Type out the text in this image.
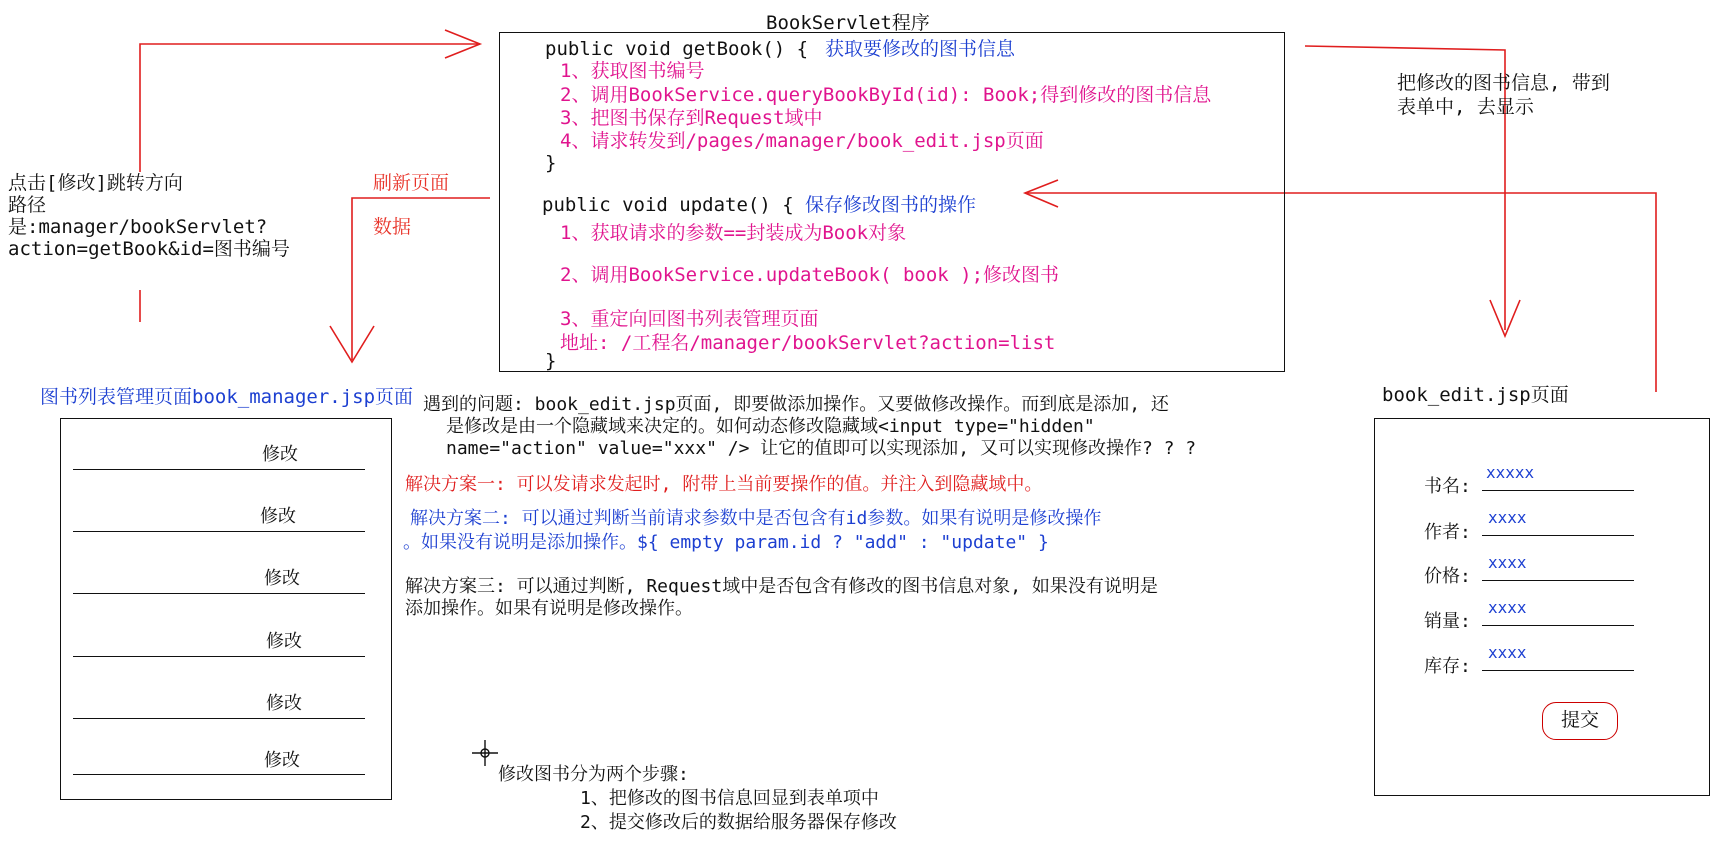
BookServlet程序
public void getBook() { 获取要修改的图书信息
1、获取图书编号
2、调用BookService.queryBookById(id): Book;得到修改的图书信息
3、把图书保存到Request域中
4、请求转发到/pages/manager/book_edit.jsp页面
}
public void update() { 保存修改图书的操作
1、获取请求的参数==封装成为Book对象
2、调用BookService.updateBook( book );修改图书
3、重定向回图书列表管理页面
地址: /工程名/manager/bookServlet?action=list
}
点击[修改]跳转方向
路径
是:manager/bookServlet?
action=getBook&id=图书编号
刷新页面
数据
把修改的图书信息, 带到
表单中, 去显示
图书列表管理页面book_manager.jsp页面
修改
修改
修改
修改
修改
修改
book_edit.jsp页面
书名:
xxxxx
作者:
xxxx
价格:
xxxx
销量:
xxxx
库存:
xxxx
提交
遇到的问题: book_edit.jsp页面, 即要做添加操作。又要做修改操作。而到底是添加, 还
是修改是由一个隐藏域来决定的。如何动态修改隐藏域<input type="hidden"
name="action" value="xxx" /> 让它的值即可以实现添加, 又可以实现修改操作? ? ?
解决方案一: 可以发请求发起时, 附带上当前要操作的值。并注入到隐藏域中。
解决方案二: 可以通过判断当前请求参数中是否包含有id参数。如果有说明是修改操作
。如果没有说明是添加操作。${ empty param.id ? "add" : "update" }
解决方案三: 可以通过判断, Request域中是否包含有修改的图书信息对象, 如果没有说明是
添加操作。如果有说明是修改操作。
修改图书分为两个步骤:
1、把修改的图书信息回显到表单项中
2、提交修改后的数据给服务器保存修改
